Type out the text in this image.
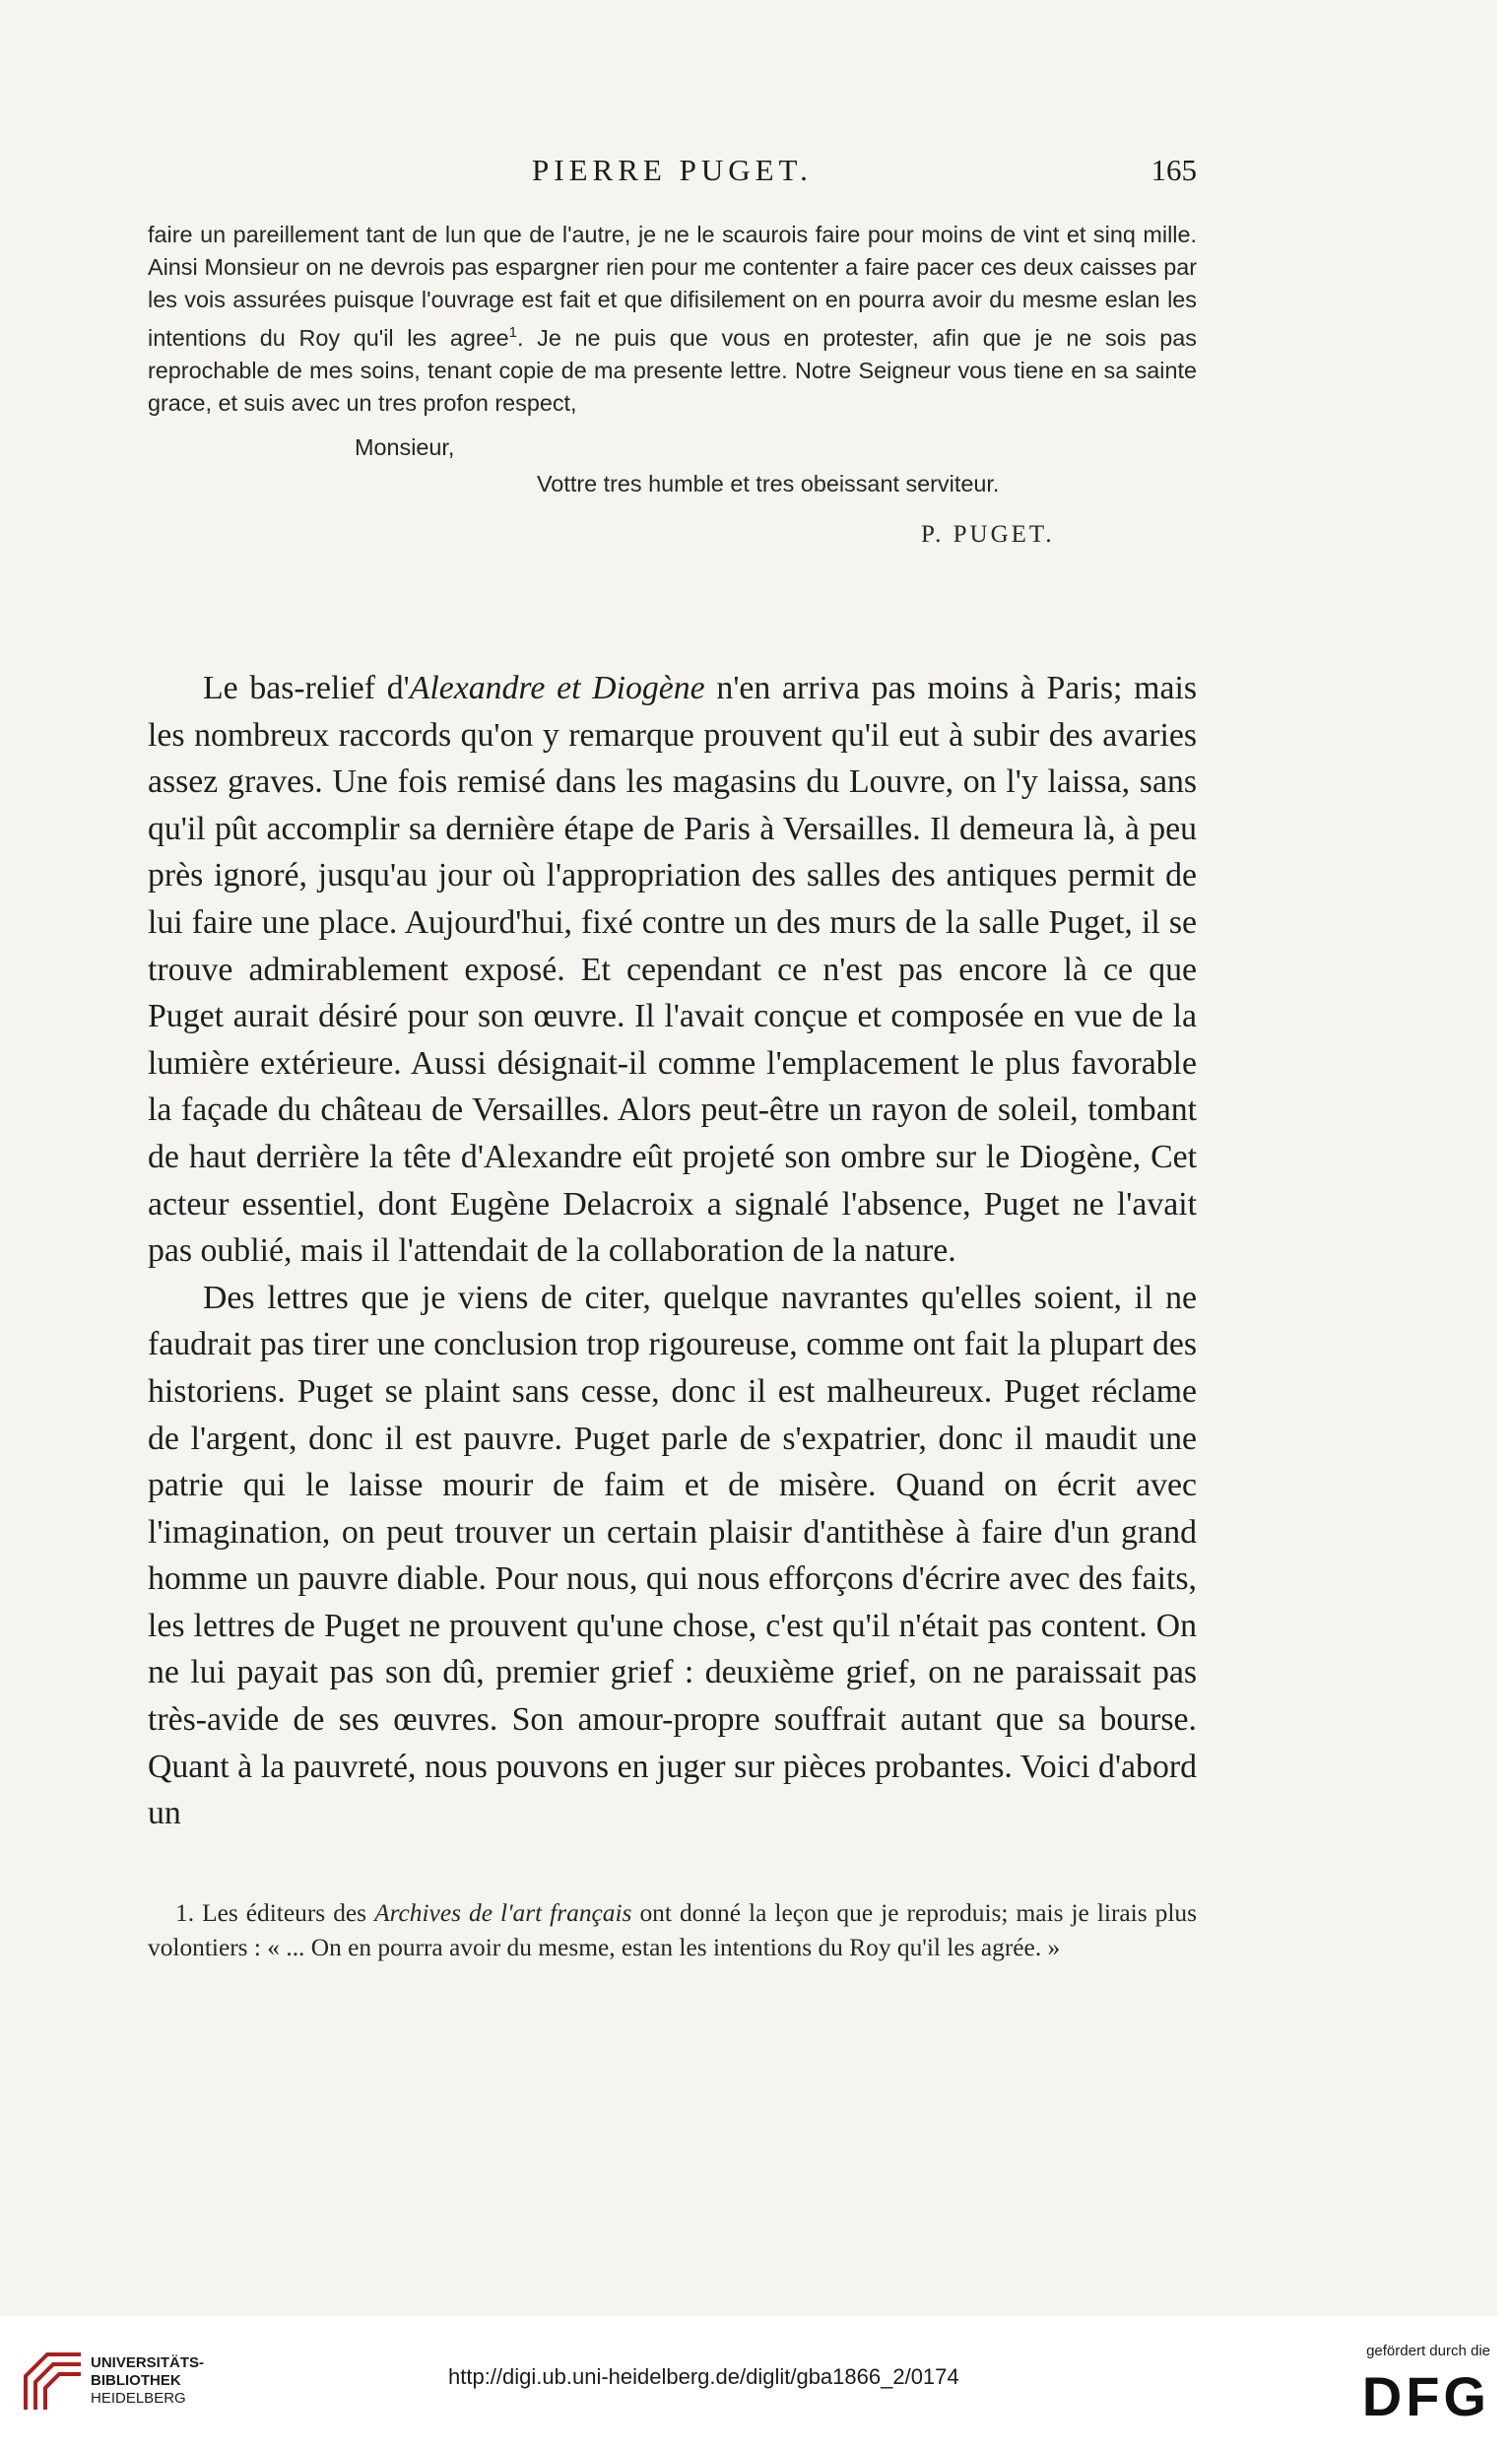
PIERRE PUGET.	165

faire un pareillement tant de lun que de l'autre, je ne le scaurois faire pour moins de vint et sinq mille. Ainsi Monsieur on ne devrois pas espargner rien pour me contenter a faire pacer ces deux caisses par les vois assurées puisque l'ouvrage est fait et que difisilement on en pourra avoir du mesme eslan les intentions du Roy qu'il les agree$^1$. Je ne puis que vous en protester, afin que je ne sois pas reprochable de mes soins, tenant copie de ma presente lettre. Notre Seigneur vous tiene en sa sainte grace, et suis avec un tres profon respect,

Monsieur,

Vottre tres humble et tres obeissant serviteur.

P. PUGET.

Le bas-relief d'Alexandre et Diogène n'en arriva pas moins à Paris; mais les nombreux raccords qu'on y remarque prouvent qu'il eut à subir des avaries assez graves. Une fois remisé dans les magasins du Louvre, on l'y laissa, sans qu'il pût accomplir sa dernière étape de Paris à Versailles. Il demeura là, à peu près ignoré, jusqu'au jour où l'appropriation des salles des antiques permit de lui faire une place. Aujourd'hui, fixé contre un des murs de la salle Puget, il se trouve admirablement exposé. Et cependant ce n'est pas encore là ce que Puget aurait désiré pour son œuvre. Il l'avait conçue et composée en vue de la lumière extérieure. Aussi désignait-il comme l'emplacement le plus favorable la façade du château de Versailles. Alors peut-être un rayon de soleil, tombant de haut derrière la tête d'Alexandre eût projeté son ombre sur le Diogène, Cet acteur essentiel, dont Eugène Delacroix a signalé l'absence, Puget ne l'avait pas oublié, mais il l'attendait de la collaboration de la nature.

Des lettres que je viens de citer, quelque navrantes qu'elles soient, il ne faudrait pas tirer une conclusion trop rigoureuse, comme ont fait la plupart des historiens. Puget se plaint sans cesse, donc il est malheureux. Puget réclame de l'argent, donc il est pauvre. Puget parle de s'expatrier, donc il maudit une patrie qui le laisse mourir de faim et de misère. Quand on écrit avec l'imagination, on peut trouver un certain plaisir d'antithèse à faire d'un grand homme un pauvre diable. Pour nous, qui nous efforçons d'écrire avec des faits, les lettres de Puget ne prouvent qu'une chose, c'est qu'il n'était pas content. On ne lui payait pas son dû, premier grief : deuxième grief, on ne paraissait pas très-avide de ses œuvres. Son amour-propre souffrait autant que sa bourse. Quant à la pauvreté, nous pouvons en juger sur pièces probantes. Voici d'abord un

1. Les éditeurs des Archives de l'art français ont donné la leçon que je reproduis; mais je lirais plus volontiers : « ... On en pourra avoir du mesme, estan les intentions du Roy qu'il les agrée. »

UNIVERSITÄTS-
BIBLIOTHEK
HEIDELBERG
http://digi.ub.uni-heidelberg.de/diglit/gba1866_2/0174
gefördert durch die
DFG
